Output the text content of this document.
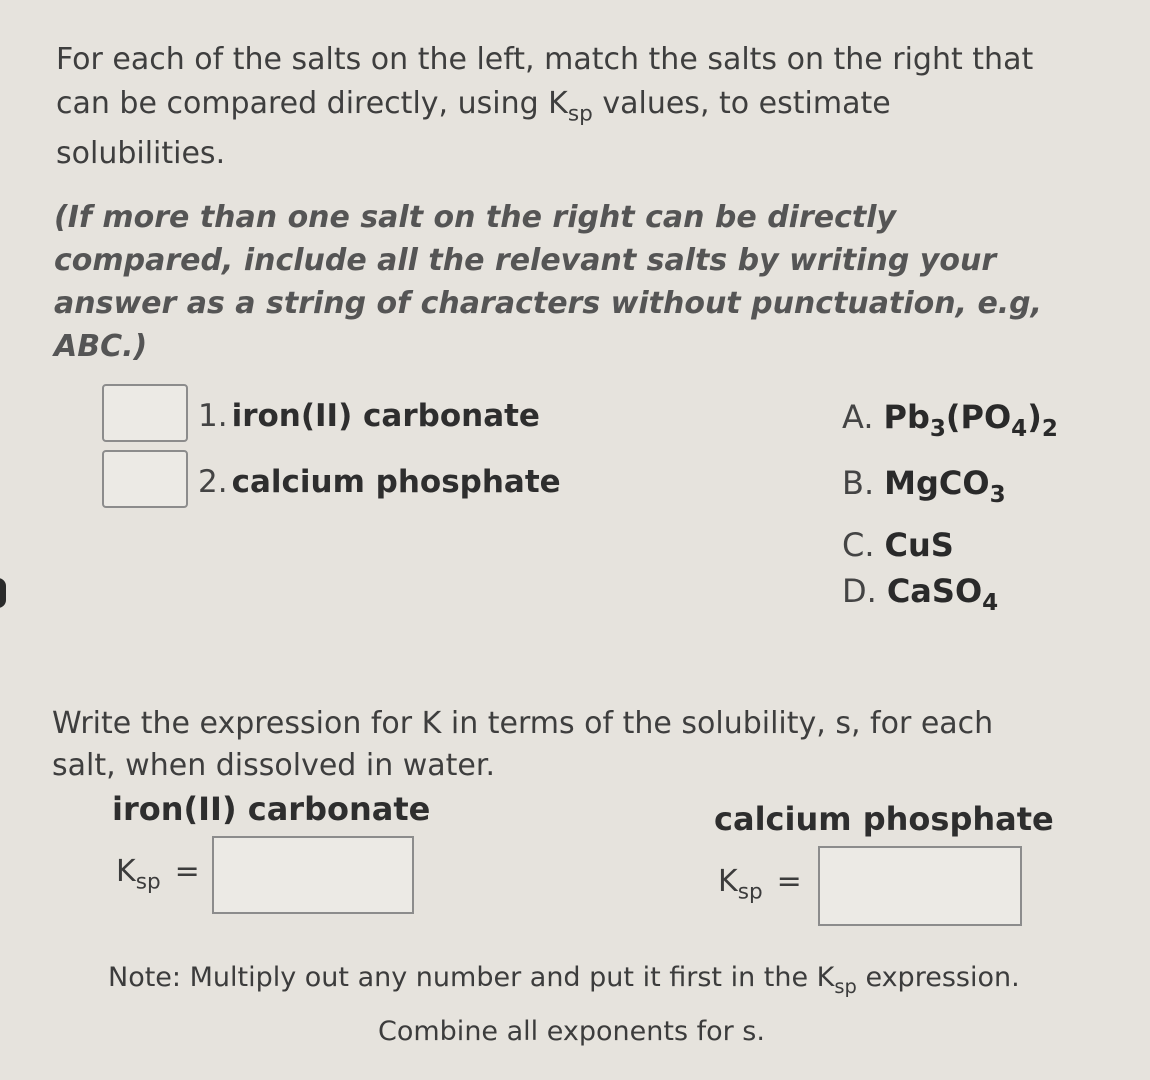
For each of the salts on the left, match the salts on the right that
can be compared directly, using $K_{sp}$ values, to estimate
solubilities.
(If more than one salt on the right can be directly
compared, include all the relevant salts by writing your
answer as a string of characters without punctuation, e.g,
ABC.)
1. iron(II) carbonate
2. calcium phosphate
A. $Pb_3(PO_4)_2$
B. MgCO$_3$
C. CuS
D. CaSO$_4$
Write the expression for K in terms of the solubility, s, for each
salt, when dissolved in water.
iron(II) carbonate	calcium phosphate
$K_{sp}$ =	$K_{sp}$ =
Note: Multiply out any number and put it first in the $K_{sp}$ expression.
Combine all exponents for s.
